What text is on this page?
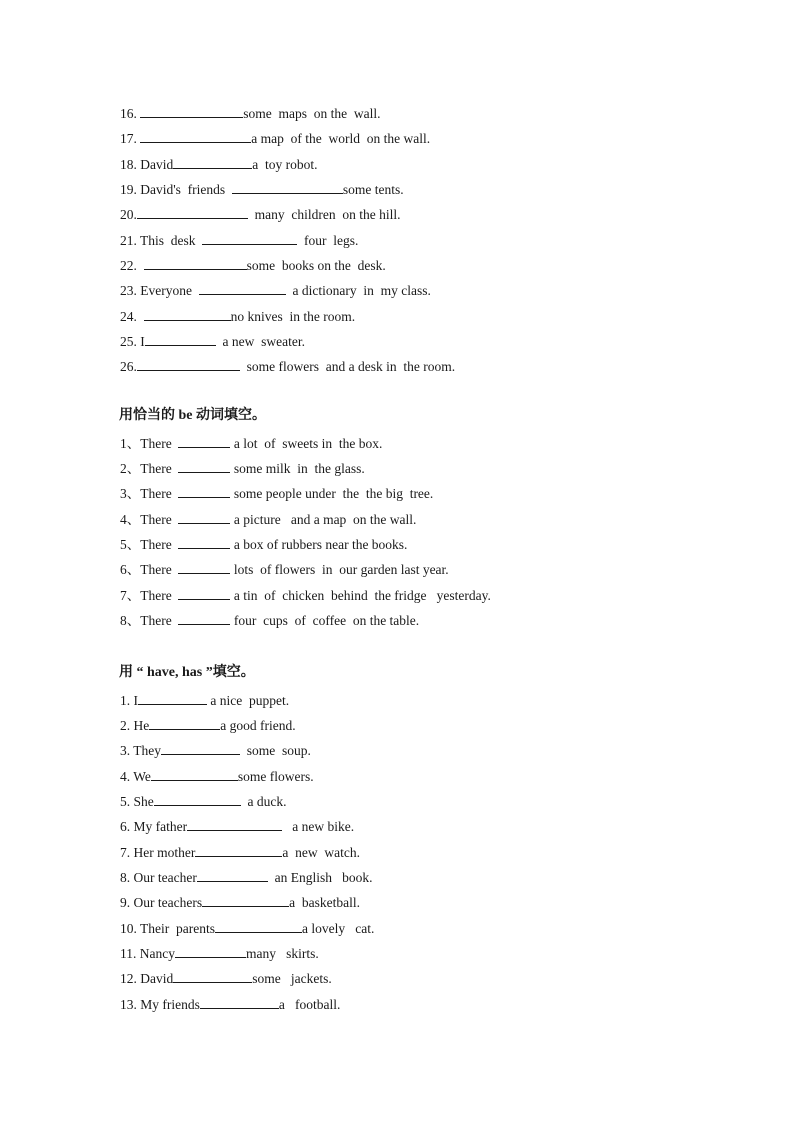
16.	some  maps  on the  wall.
17.	a map  of the  world  on the wall.
18. David	a  toy robot.
19. David's  friends	some tents.
20.	many  children  on the hill.
21. This  desk	four  legs.
22.	some  books on the  desk.
23. Everyone	a dictionary  in  my class.
24.	no knives  in the room.
25. I	a new  sweater.
26.	some flowers  and a desk in  the room.
用恰当的 be 动词填空。
1、There	a lot  of  sweets in  the box.
2、There	some milk  in  the glass.
3、There	some people under  the  the big  tree.
4、There	a picture   and a map  on the wall.
5、There	a box of rubbers near the books.
6、There	lots  of flowers  in  our garden last year.
7、There	a tin  of  chicken  behind  the fridge   yesterday.
8、There	four  cups  of  coffee  on the table.
用 “ have, has ”填空。
1. I	a nice  puppet.
2. He	a good friend.
3. They	some  soup.
4. We	some flowers.
5. She	a duck.
6. My father	a new bike.
7. Her mother	a  new  watch.
8. Our teacher	an English   book.
9. Our teachers	a  basketball.
10. Their  parents	a lovely   cat.
11. Nancy	many   skirts.
12. David	some   jackets.
13. My friends	a   football.
